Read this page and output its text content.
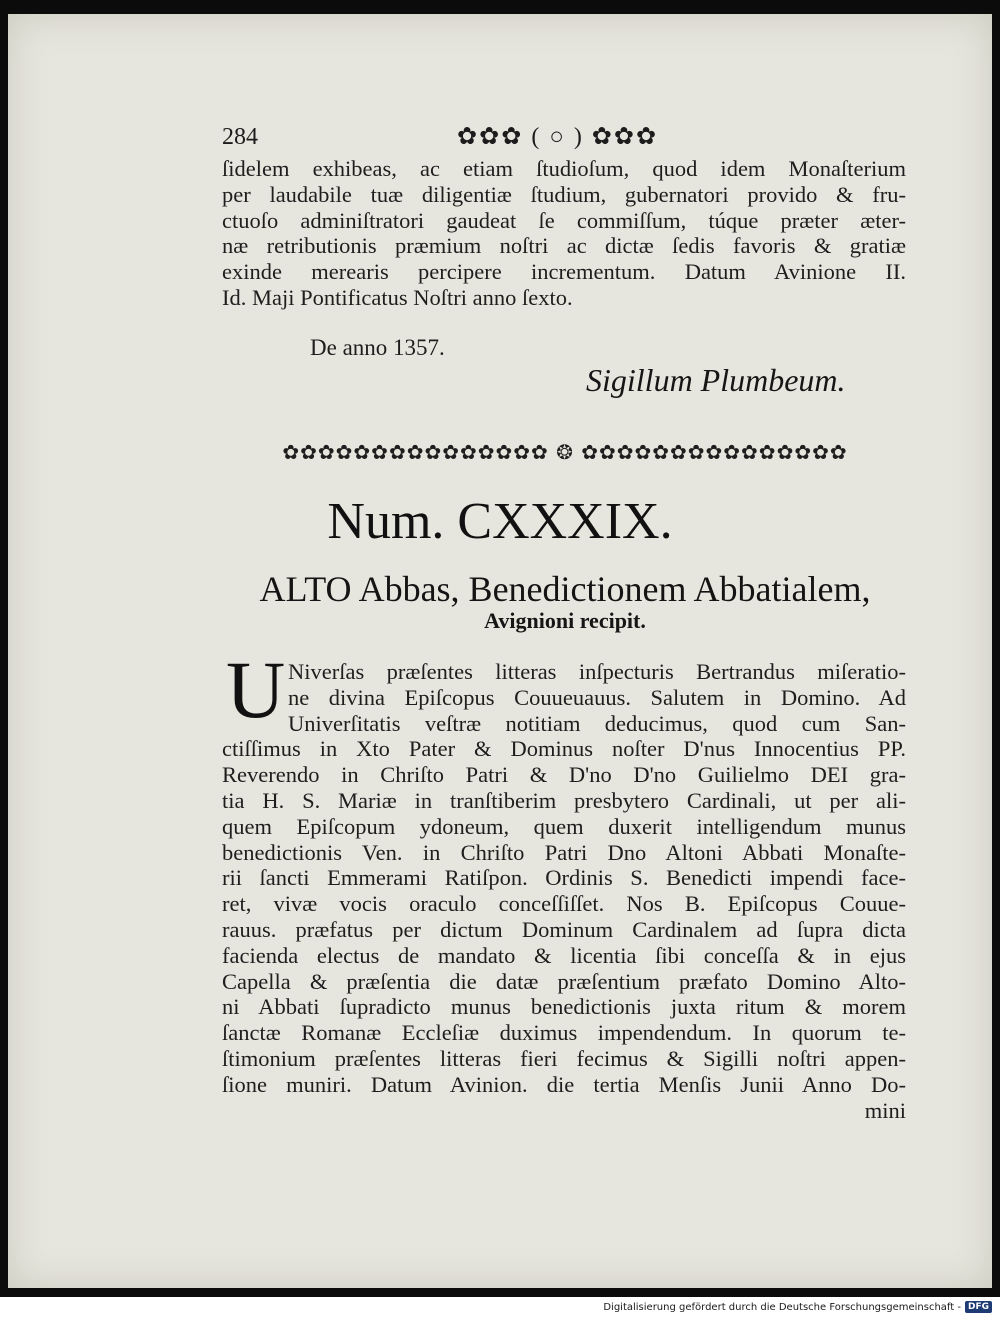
284	✿✿✿ ( ○ ) ✿✿✿
ſidelem exhibeas, ac etiam ſtudioſum, quod idem Monaſterium
per laudabile tuæ diligentiæ ſtudium, gubernatori provido & fru-
ctuoſo adminiſtratori gaudeat ſe commiſſum, túque præter æter-
næ retributionis præmium noſtri ac dictæ ſedis favoris & gratiæ
exinde merearis percipere incrementum. Datum Avinione II.
Id. Maji Pontificatus Noſtri anno ſexto.
De anno 1357.
Sigillum Plumbeum.
✿✿✿✿✿✿✿✿✿✿✿✿✿✿✿ ❂ ✿✿✿✿✿✿✿✿✿✿✿✿✿✿✿
Num. CXXXIX.
ALTO Abbas, Benedictionem Abbatialem,
Avignioni recipit.
U Niverſas præſentes litteras inſpecturis Bertrandus miſeratio-
ne divina Epiſcopus Couueuauus. Salutem in Domino. Ad
Univerſitatis veſtræ notitiam deducimus, quod cum San-
ctiſſimus in Xto Pater & Dominus noſter D'nus Innocentius PP.
Reverendo in Chriſto Patri & D'no D'no Guilielmo DEI gra-
tia H. S. Mariæ in tranſtiberim presbytero Cardinali, ut per ali-
quem Epiſcopum ydoneum, quem duxerit intelligendum munus
benedictionis Ven. in Chriſto Patri Dno Altoni Abbati Monaſte-
rii ſancti Emmerami Ratiſpon. Ordinis S. Benedicti impendi face-
ret, vivæ vocis oraculo conceſſiſſet. Nos B. Epiſcopus Couue-
rauus. præfatus per dictum Dominum Cardinalem ad ſupra dicta
facienda electus de mandato & licentia ſibi conceſſa & in ejus
Capella & præſentia die datæ præſentium præfato Domino Alto-
ni Abbati ſupradicto munus benedictionis juxta ritum & morem
ſanctæ Romanæ Eccleſiæ duximus impendendum. In quorum te-
ſtimonium præſentes litteras fieri fecimus & Sigilli noſtri appen-
ſione muniri. Datum Avinion. die tertia Menſis Junii Anno Do-
mini
Digitalisierung gefördert durch die Deutsche Forschungsgemeinschaft - DFG
